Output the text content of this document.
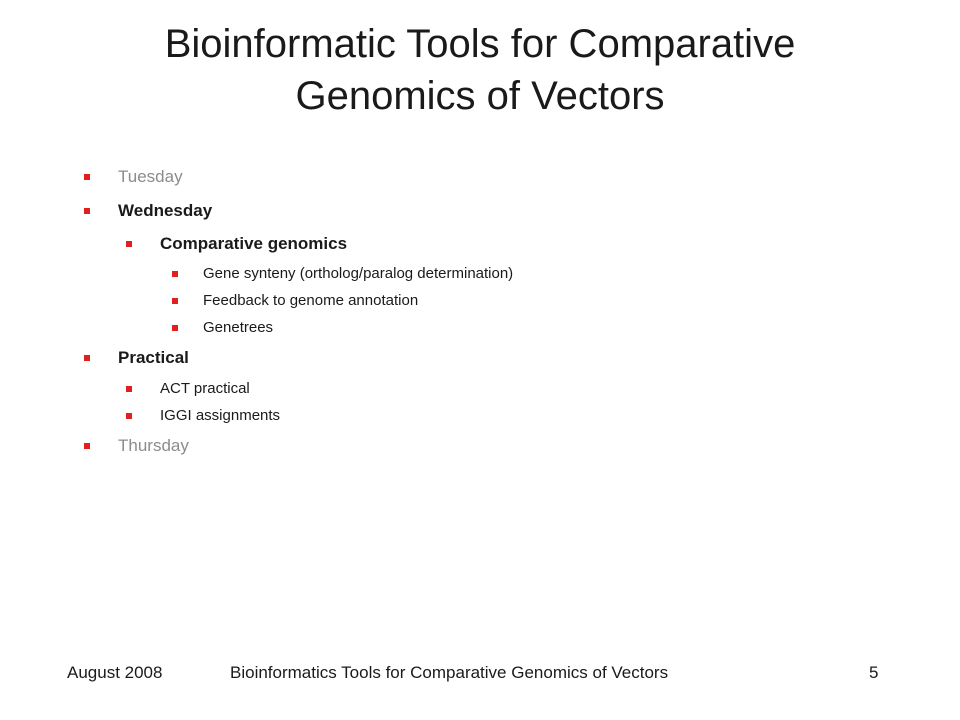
Bioinformatic Tools for Comparative
Genomics of Vectors
Tuesday
Wednesday
Comparative genomics
Gene synteny (ortholog/paralog determination)
Feedback to genome annotation
Genetrees
Practical
ACT practical
IGGI assignments
Thursday
August 2008	Bioinformatics Tools for Comparative Genomics of Vectors	5
